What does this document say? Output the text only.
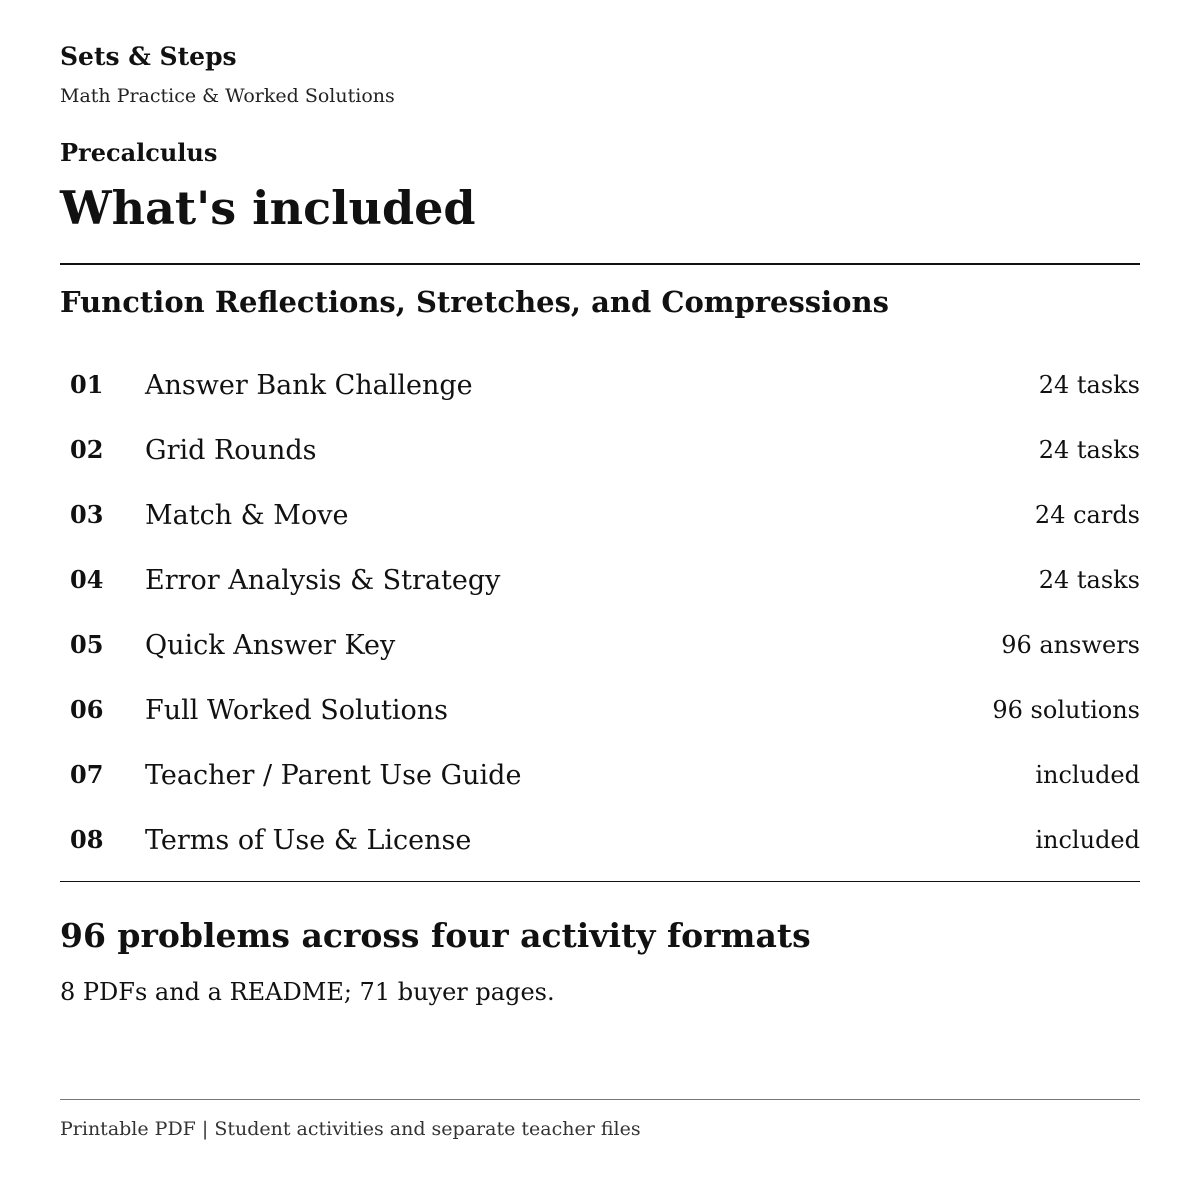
Sets & Steps
Math Practice & Worked Solutions
Precalculus
What's included
Function Reflections, Stretches, and Compressions
01 Answer Bank Challenge	24 tasks
02 Grid Rounds	24 tasks
03 Match & Move	24 cards
04 Error Analysis & Strategy	24 tasks
05 Quick Answer Key	96 answers
06 Full Worked Solutions	96 solutions
07 Teacher / Parent Use Guide	included
08 Terms of Use & License	included
96 problems across four activity formats

8 PDFs and a README; 71 buyer pages.

Printable PDF | Student activities and separate teacher files
